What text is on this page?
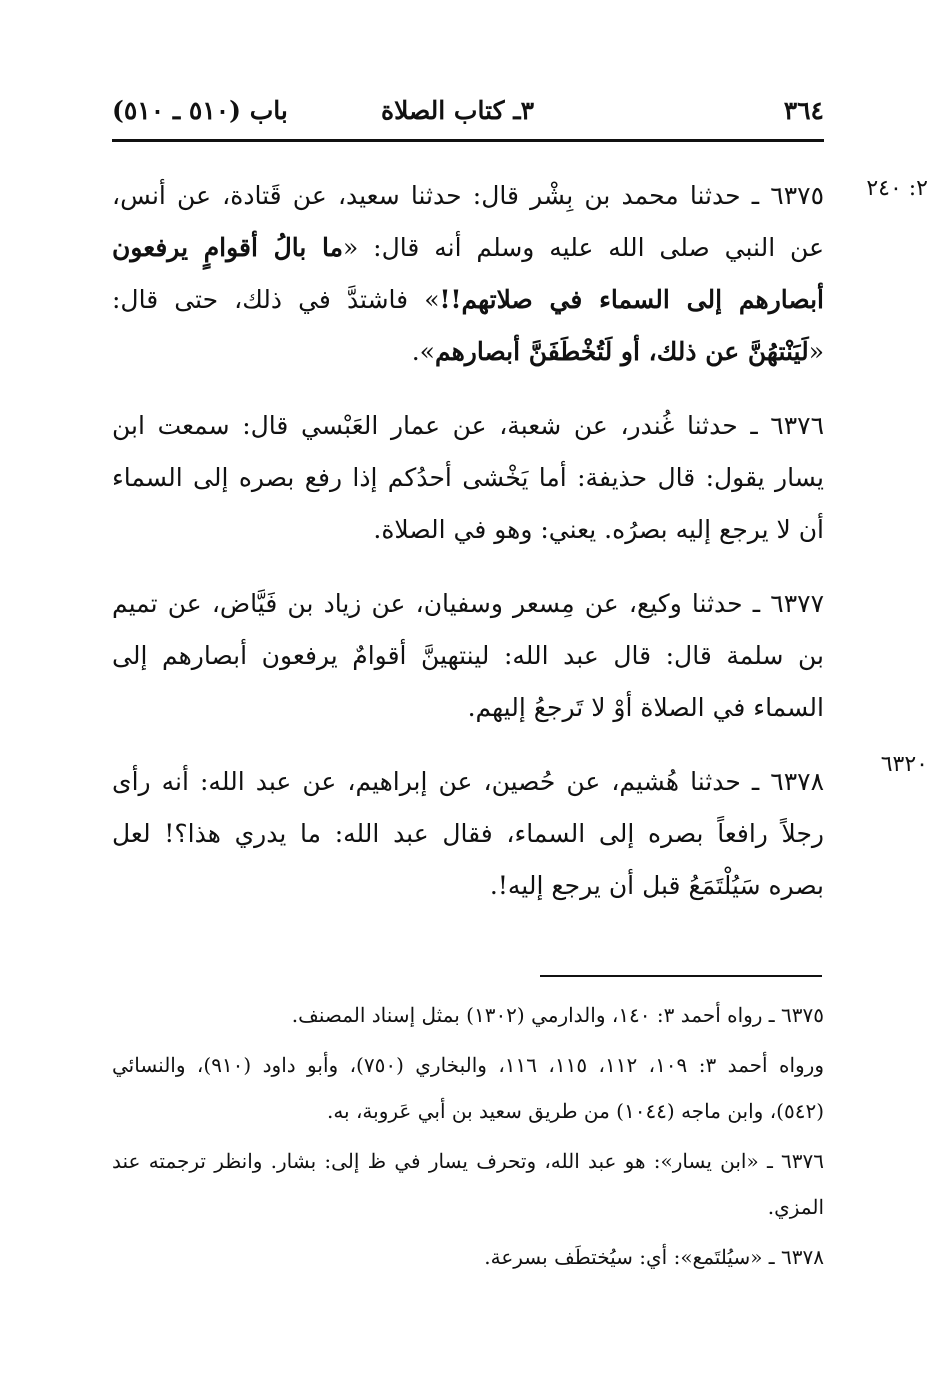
٣٦٤
٣ـ كتاب الصلاة
باب (٥١٠ ـ ٥١٠)
٢: ٢٤٠
٦٣٢٠

٦٣٧٥ ـ حدثنا محمد بن بِشْر قال: حدثنا سعيد، عن قَتادة، عن أنس، عن النبي صلى الله عليه وسلم أنه قال: «ما بالُ أقوامٍ يرفعون أبصارهم إلى السماء في صلاتهم!!» فاشتدَّ في ذلك، حتى قال: «لَيَنْتهُنَّ عن ذلك، أو لَتُخْطَفَنَّ أبصارهم».

٦٣٧٦ ـ حدثنا غُندر، عن شعبة، عن عمار العَبْسي قال: سمعت ابن يسار يقول: قال حذيفة: أما يَخْشى أحدُكم إذا رفع بصره إلى السماء أن لا يرجع إليه بصرُه. يعني: وهو في الصلاة.

٦٣٧٧ ـ حدثنا وكيع، عن مِسعر وسفيان، عن زياد بن فَيَّاض، عن تميم بن سلمة قال: قال عبد الله: لينتهينَّ أقوامٌ يرفعون أبصارهم إلى السماء في الصلاة أوْ لا تَرجعُ إليهم.

٦٣٧٨ ـ حدثنا هُشيم، عن حُصين، عن إبراهيم، عن عبد الله: أنه رأى رجلاً رافعاً بصره إلى السماء، فقال عبد الله: ما يدري هذا؟! لعل بصره سَيُلْتَمَعُ قبل أن يرجع إليه!.

٦٣٧٥ ـ رواه أحمد ٣: ١٤٠، والدارمي (١٣٠٢) بمثل إسناد المصنف.

ورواه أحمد ٣: ١٠٩، ١١٢، ١١٥، ١١٦، والبخاري (٧٥٠)، وأبو داود (٩١٠)، والنسائي (٥٤٢)، وابن ماجه (١٠٤٤) من طريق سعيد بن أبي عَروبة، به.

٦٣٧٦ ـ «ابن يسار»: هو عبد الله، وتحرف يسار في ظ إلى: بشار. وانظر ترجمته عند المزي.

٦٣٧٨ ـ «سيُلتَمع»: أي: سيُختطَف بسرعة.
